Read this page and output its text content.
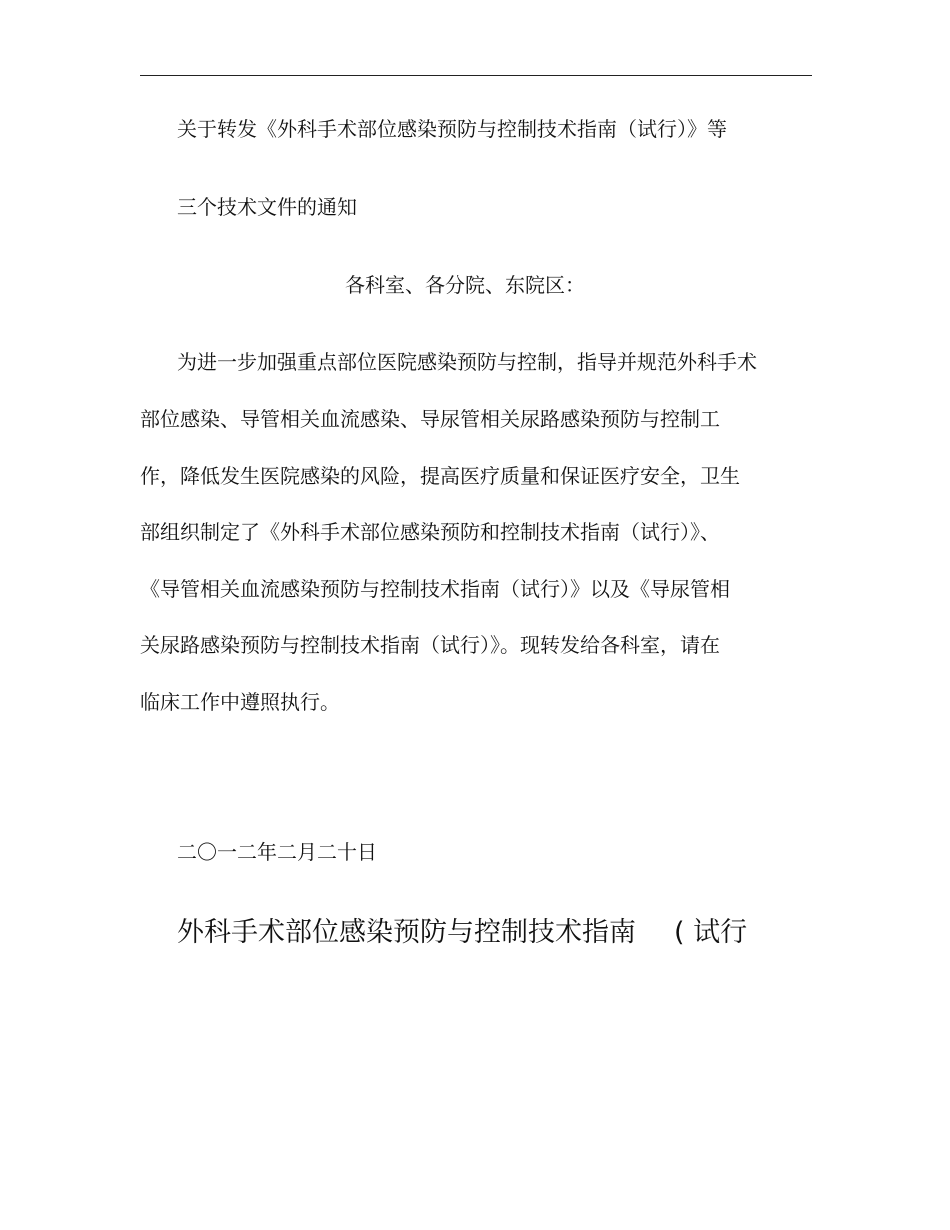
关于转发《外科手术部位感染预防与控制技术指南（试行）》等
三个技术文件的通知
各科室、各分院、东院区：
为进一步加强重点部位医院感染预防与控制，指导并规范外科手术
部位感染、导管相关血流感染、导尿管相关尿路感染预防与控制工
作，降低发生医院感染的风险，提高医疗质量和保证医疗安全，卫生
部组织制定了《外科手术部位感染预防和控制技术指南（试行）》、
《导管相关血流感染预防与控制技术指南（试行）》以及《导尿管相
关尿路感染预防与控制技术指南（试行）》。现转发给各科室，请在
临床工作中遵照执行。
二〇一二年二月二十日
外科手术部位感染预防与控制技术指南 ( 试行
